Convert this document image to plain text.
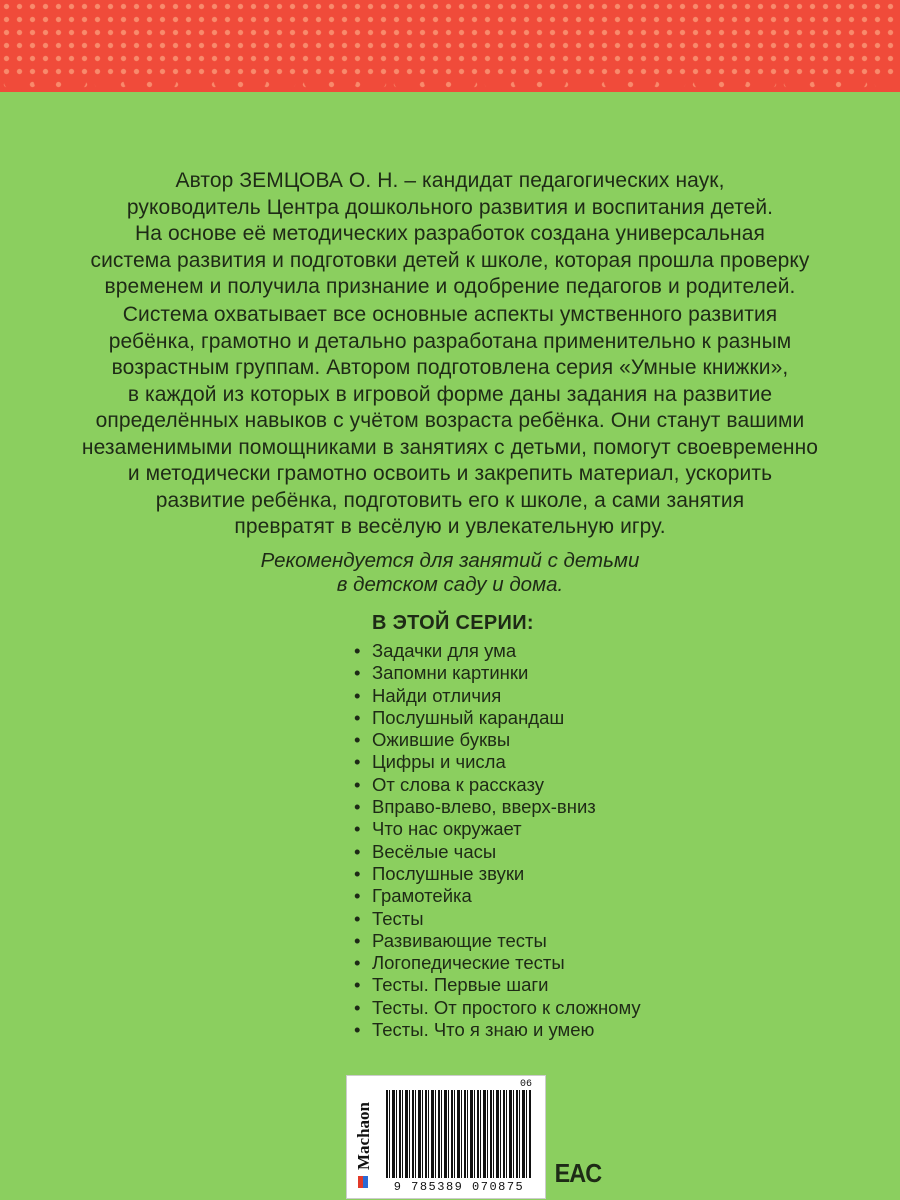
Автор ЗЕМЦОВА О. Н. – кандидат педагогических наук,
руководитель Центра дошкольного развития и воспитания детей.
На основе её методических разработок создана универсальная
система развития и подготовки детей к школе, которая прошла проверку
временем и получила признание и одобрение педагогов и родителей.

Система охватывает все основные аспекты умственного развития
ребёнка, грамотно и детально разработана применительно к разным
возрастным группам. Автором подготовлена серия «Умные книжки»,
в каждой из которых в игровой форме даны задания на развитие
определённых навыков с учётом возраста ребёнка. Они станут вашими
незаменимыми помощниками в занятиях с детьми, помогут своевременно
и методически грамотно освоить и закрепить материал, ускорить
развитие ребёнка, подготовить его к школе, а сами занятия
превратят в весёлую и увлекательную игру.

Рекомендуется для занятий с детьми
в детском саду и дома.
В ЭТОЙ СЕРИИ:
• Задачки для ума
• Запомни картинки
• Найди отличия
• Послушный карандаш
• Ожившие буквы
• Цифры и числа
• От слова к рассказу
• Вправо-влево, вверх-вниз
• Что нас окружает
• Весёлые часы
• Послушные звуки
• Грамотейка
• Тесты
• Развивающие тесты
• Логопедические тесты
• Тесты. Первые шаги
• Тесты. От простого к сложному
• Тесты. Что я знаю и умею
Machaon
06
9 785389 070875 EAC
